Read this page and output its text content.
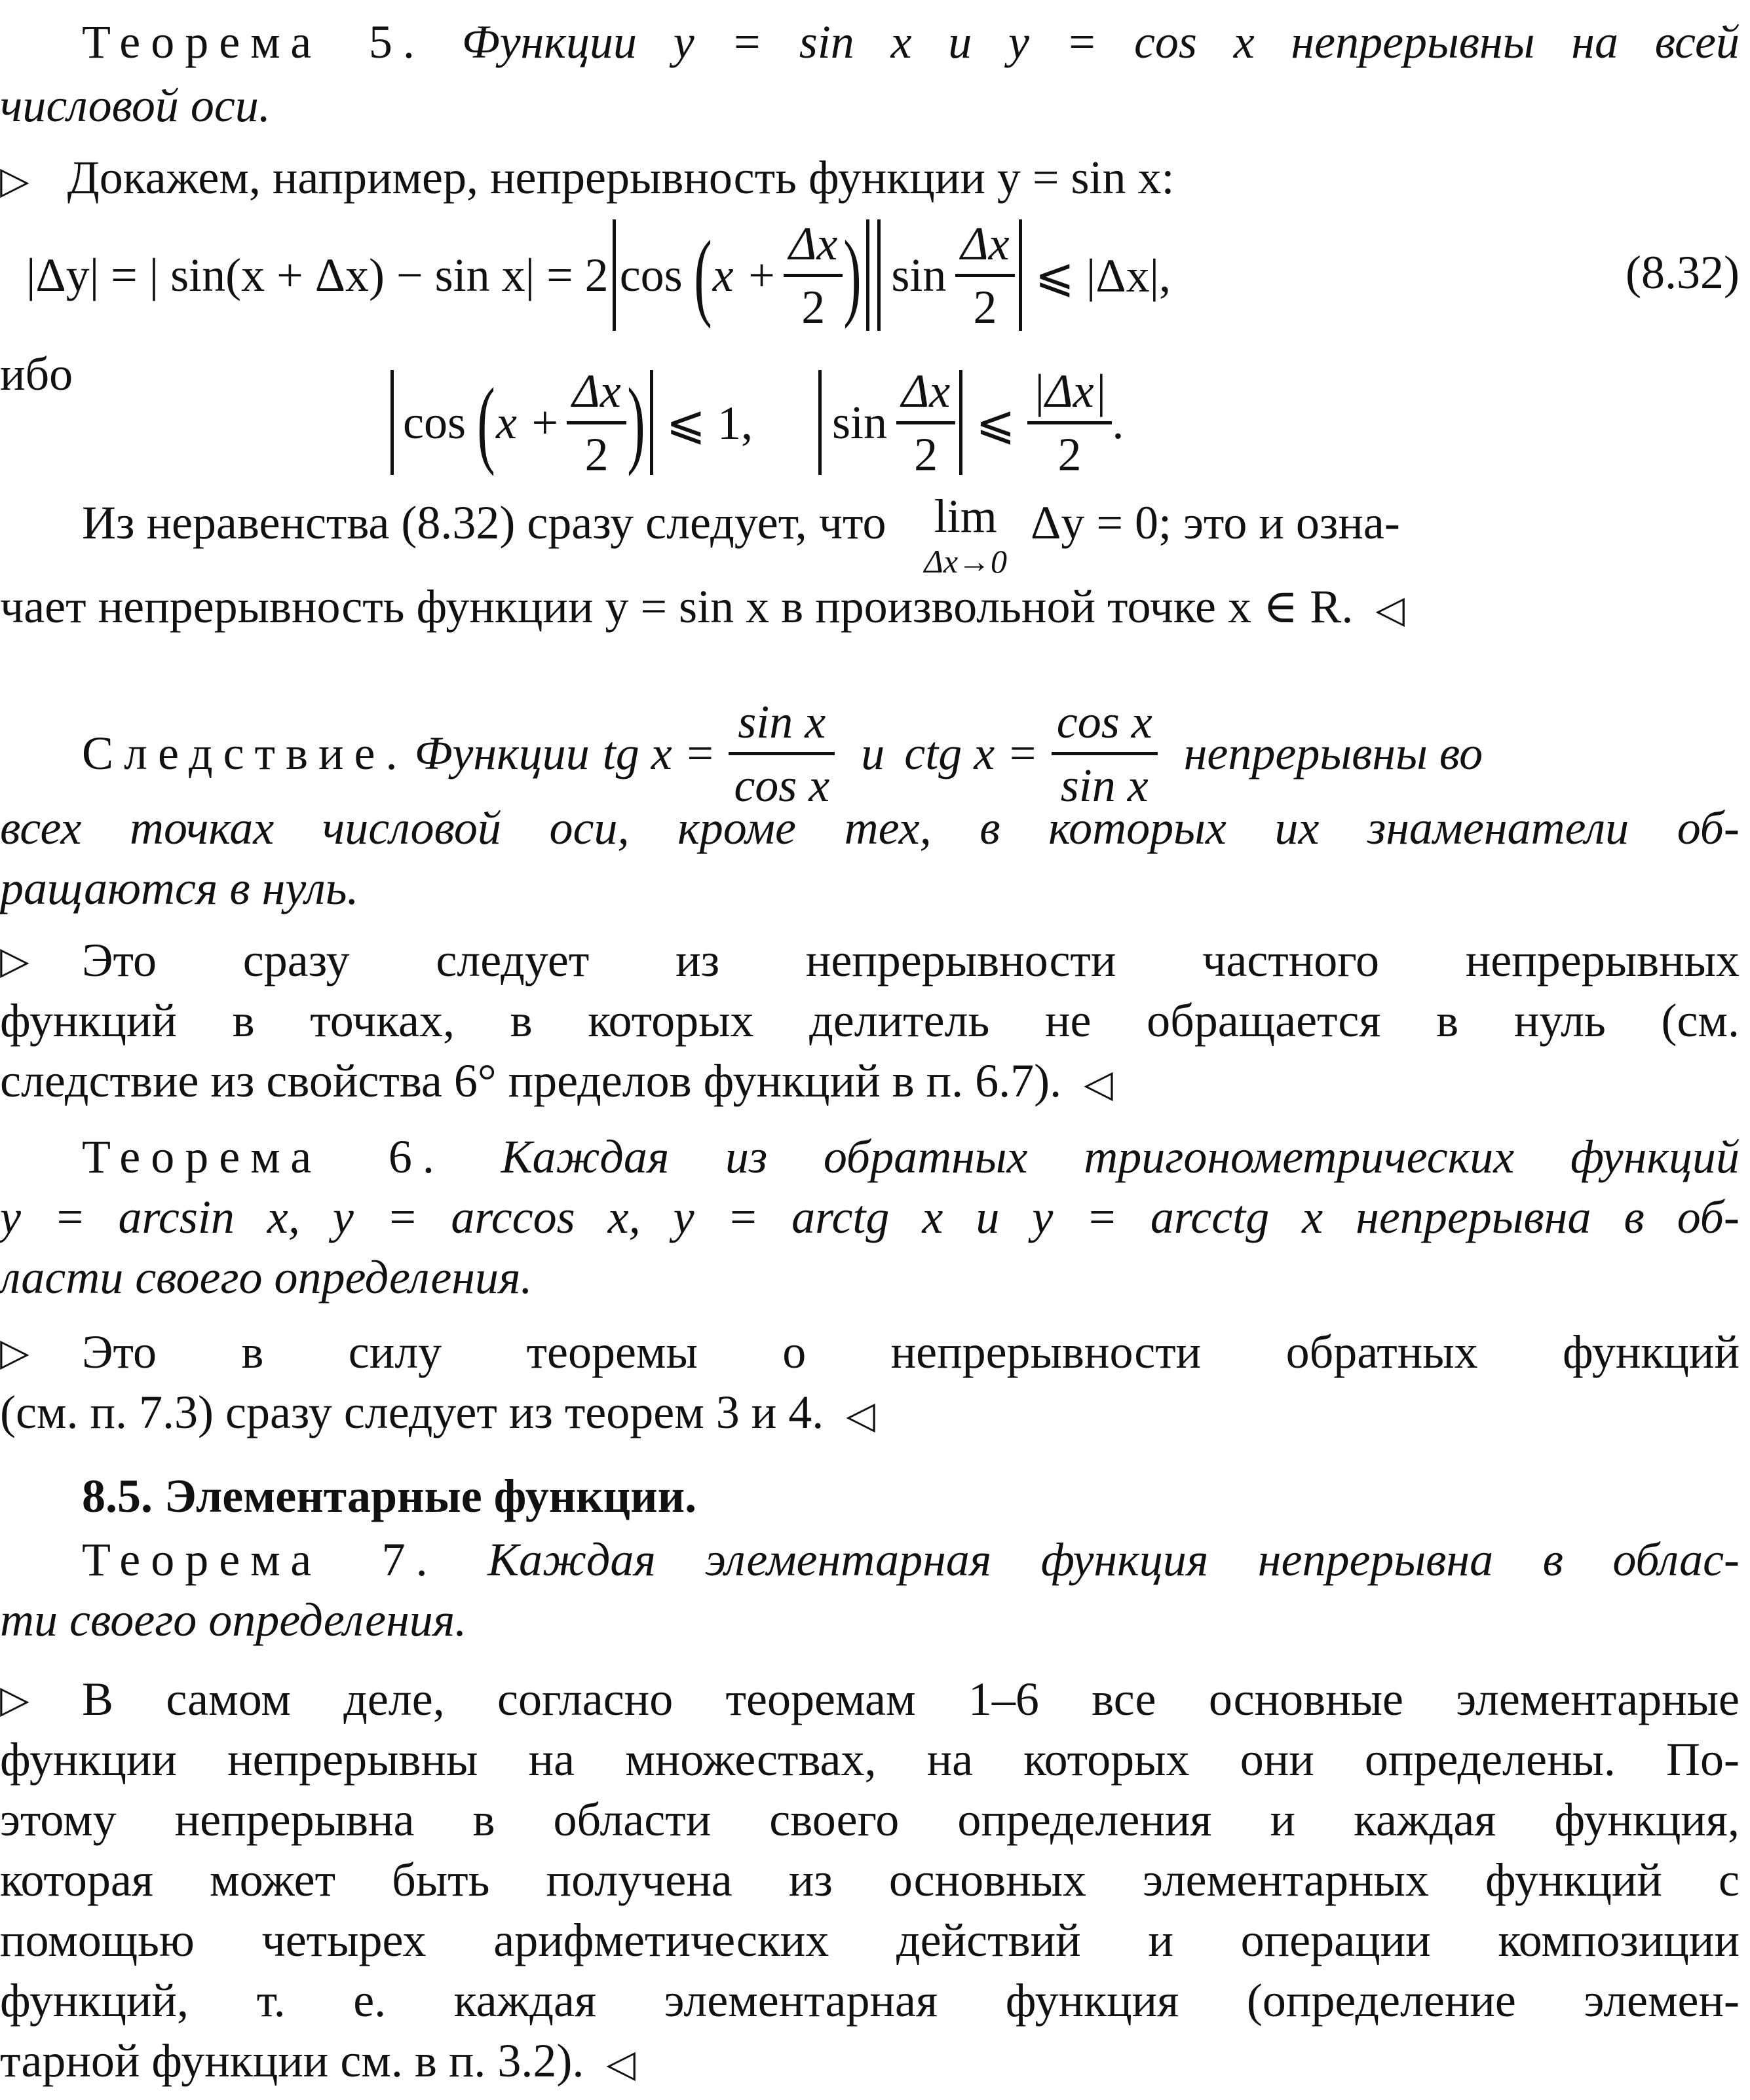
Теорема 5. Функции y = sin x и y = cos x непрерывны на всей
числовой оси.
▷ Докажем, например, непрерывность функции y = sin x:
|Δy| = | sin(x + Δx) − sin x| = 2 cos ( $x + \frac{\Delta x}{2}$ ) $\sin \frac{\Delta x}{2}$ ⩽ |Δx|,	(8.32)
ибо
cos ( $x + \frac{\Delta x}{2}$ ) ⩽ 1, $\sin \frac{\Delta x}{2}$ ⩽ $\frac{|\Delta x|}{2}$ .
Из неравенства (8.32) сразу следует, что lim
Δx→0
Δy = 0; это и озна-
чает непрерывность функции y = sin x в произвольной точке x ∈ R. ◁
Следствие. Функции tg $x = \frac{\text{sin x}}{\text{cos x}}$ и ctg $x = \frac{\text{cos x}}{\text{sin x}}$ непрерывны во
всех точках числовой оси, кроме тех, в которых их знаменатели об-
ращаются в нуль.
▷ Это сразу следует из непрерывности частного непрерывных
функций в точках, в которых делитель не обращается в нуль (см.
следствие из свойства 6° пределов функций в п. 6.7). ◁
Теорема 6. Каждая из обратных тригонометрических функций
y = arcsin x, y = arccos x, y = arctg x и y = arcctg x непрерывна в об-
ласти своего определения.
▷ Это в силу теоремы о непрерывности обратных функций
(см. п. 7.3) сразу следует из теорем 3 и 4. ◁
8.5. Элементарные функции.
Теорема 7. Каждая элементарная функция непрерывна в облас-
ти своего определения.
▷ В самом деле, согласно теоремам 1–6 все основные элементарные
функции непрерывны на множествах, на которых они определены. По-
этому непрерывна в области своего определения и каждая функция,
которая может быть получена из основных элементарных функций с
помощью четырех арифметических действий и операции композиции
функций, т. е. каждая элементарная функция (определение элемен-
тарной функции см. в п. 3.2). ◁
